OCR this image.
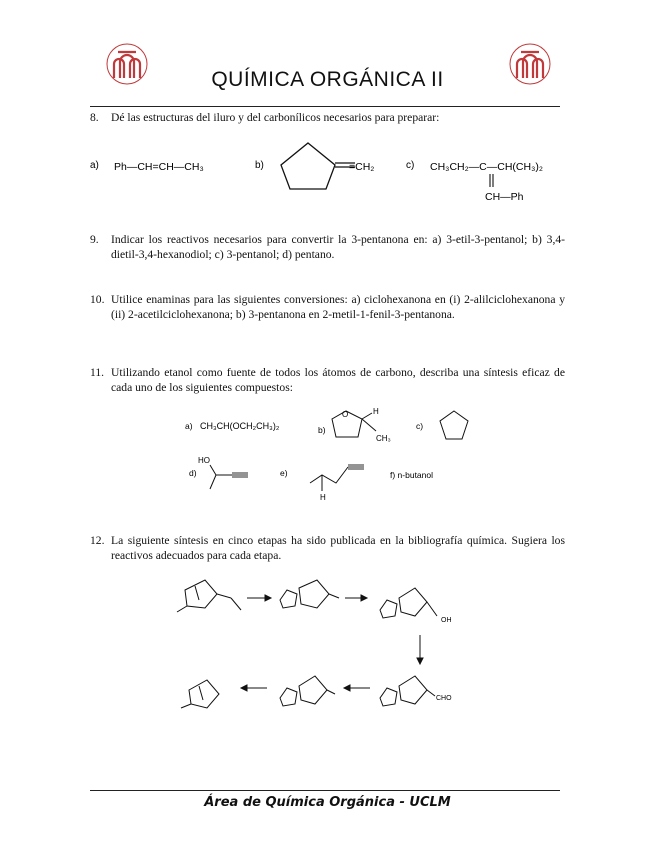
QUÍMICA ORGÁNICA II
8. Dé las estructuras del iluro y del carbonílicos necesarios para preparar:
a) Ph—CH=CH—CH₃	b)	=CH₂	c) CH₃CH₂—C—CH(CH₃)₂
CH—Ph
9. Indicar los reactivos necesarios para convertir la 3-pentanona en: a) 3-etil-3-pentanol; b) 3,4-dietil-3,4-hexanodiol; c) 3-pentanol; d) pentano.
10. Utilice enaminas para las siguientes conversiones: a) ciclohexanona en (i) 2-alilciclohexanona y (ii) 2-acetilciclohexanona; b) 3-pentanona en 2-metil-1-fenil-3-pentanona.
11. Utilizando etanol como fuente de todos los átomos de carbono, describa una síntesis eficaz de cada uno de los siguientes compuestos:
a) CH₃CH(OCH₂CH₃)₂	b)
O	H
CH₃
c)
d)
HO
e)
H
f) n-butanol
12. La siguiente síntesis en cinco etapas ha sido publicada en la bibliografía química. Sugiera los reactivos adecuados para cada etapa.
OH
CHO
Área de Química Orgánica - UCLM
